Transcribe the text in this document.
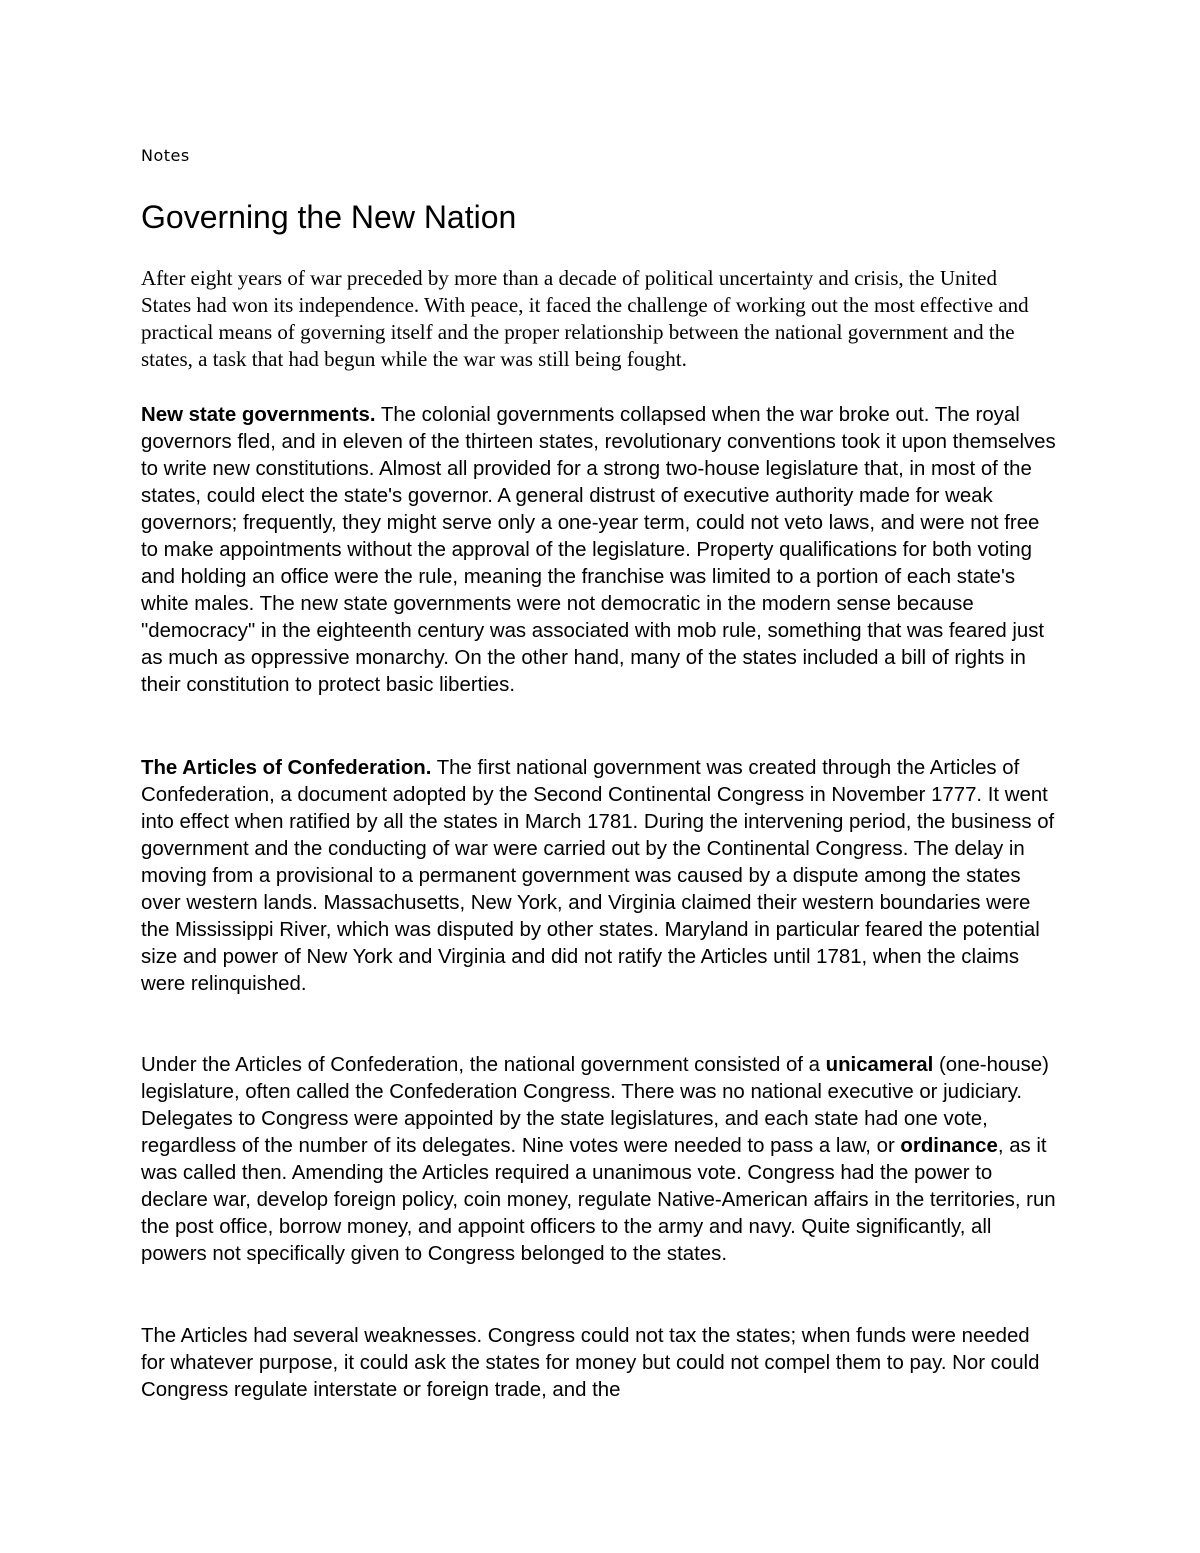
Notes

Governing the New Nation

After eight years of war preceded by more than a decade of political uncertainty and crisis, the United States had won its independence. With peace, it faced the challenge of working out the most effective and practical means of governing itself and the proper relationship between the national government and the states, a task that had begun while the war was still being fought.

New state governments. The colonial governments collapsed when the war broke out. The royal governors fled, and in eleven of the thirteen states, revolutionary conventions took it upon themselves to write new constitutions. Almost all provided for a strong two-house legislature that, in most of the states, could elect the state's governor. A general distrust of executive authority made for weak governors; frequently, they might serve only a one-year term, could not veto laws, and were not free to make appointments without the approval of the legislature. Property qualifications for both voting and holding an office were the rule, meaning the franchise was limited to a portion of each state's white males. The new state governments were not democratic in the modern sense because "democracy" in the eighteenth century was associated with mob rule, something that was feared just as much as oppressive monarchy. On the other hand, many of the states included a bill of rights in their constitution to protect basic liberties.

The Articles of Confederation. The first national government was created through the Articles of Confederation, a document adopted by the Second Continental Congress in November 1777. It went into effect when ratified by all the states in March 1781. During the intervening period, the business of government and the conducting of war were carried out by the Continental Congress. The delay in moving from a provisional to a permanent government was caused by a dispute among the states over western lands. Massachusetts, New York, and Virginia claimed their western boundaries were the Mississippi River, which was disputed by other states. Maryland in particular feared the potential size and power of New York and Virginia and did not ratify the Articles until 1781, when the claims were relinquished.

Under the Articles of Confederation, the national government consisted of a unicameral (one-house) legislature, often called the Confederation Congress. There was no national executive or judiciary. Delegates to Congress were appointed by the state legislatures, and each state had one vote, regardless of the number of its delegates. Nine votes were needed to pass a law, or ordinance, as it was called then. Amending the Articles required a unanimous vote. Congress had the power to declare war, develop foreign policy, coin money, regulate Native-American affairs in the territories, run the post office, borrow money, and appoint officers to the army and navy. Quite significantly, all powers not specifically given to Congress belonged to the states.

The Articles had several weaknesses. Congress could not tax the states; when funds were needed for whatever purpose, it could ask the states for money but could not compel them to pay. Nor could Congress regulate interstate or foreign trade, and the
